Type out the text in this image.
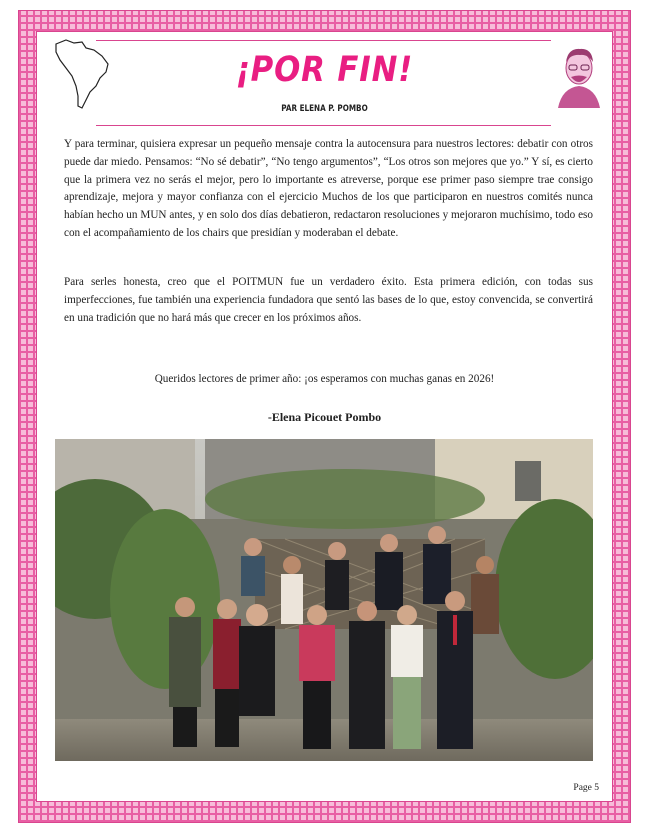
¡POR FIN!
PAR ELENA P. POMBO
Y para terminar, quisiera expresar un pequeño mensaje contra la autocensura para nuestros lectores: debatir con otros puede dar miedo. Pensamos: “No sé debatir”, “No tengo argumentos”, “Los otros son mejores que yo.” Y sí, es cierto que la primera vez no serás el mejor, pero lo importante es atreverse, porque ese primer paso siempre trae consigo aprendizaje, mejora y mayor confianza con el ejercicio Muchos de los que participaron en nuestros comités nunca habían hecho un MUN antes, y en solo dos días debatieron, redactaron resoluciones y mejoraron muchísimo, todo eso con el acompañamiento de los chairs que presidían y moderaban el debate.
Para serles honesta, creo que el POITMUN fue un verdadero éxito. Esta primera edición, con todas sus imperfecciones, fue también una experiencia fundadora que sentó las bases de lo que, estoy convencida, se convertirá en una tradición que no hará más que crecer en los próximos años.
Queridos lectores de primer año: ¡os esperamos con muchas ganas en 2026!
-Elena Picouet Pombo
Page 5
